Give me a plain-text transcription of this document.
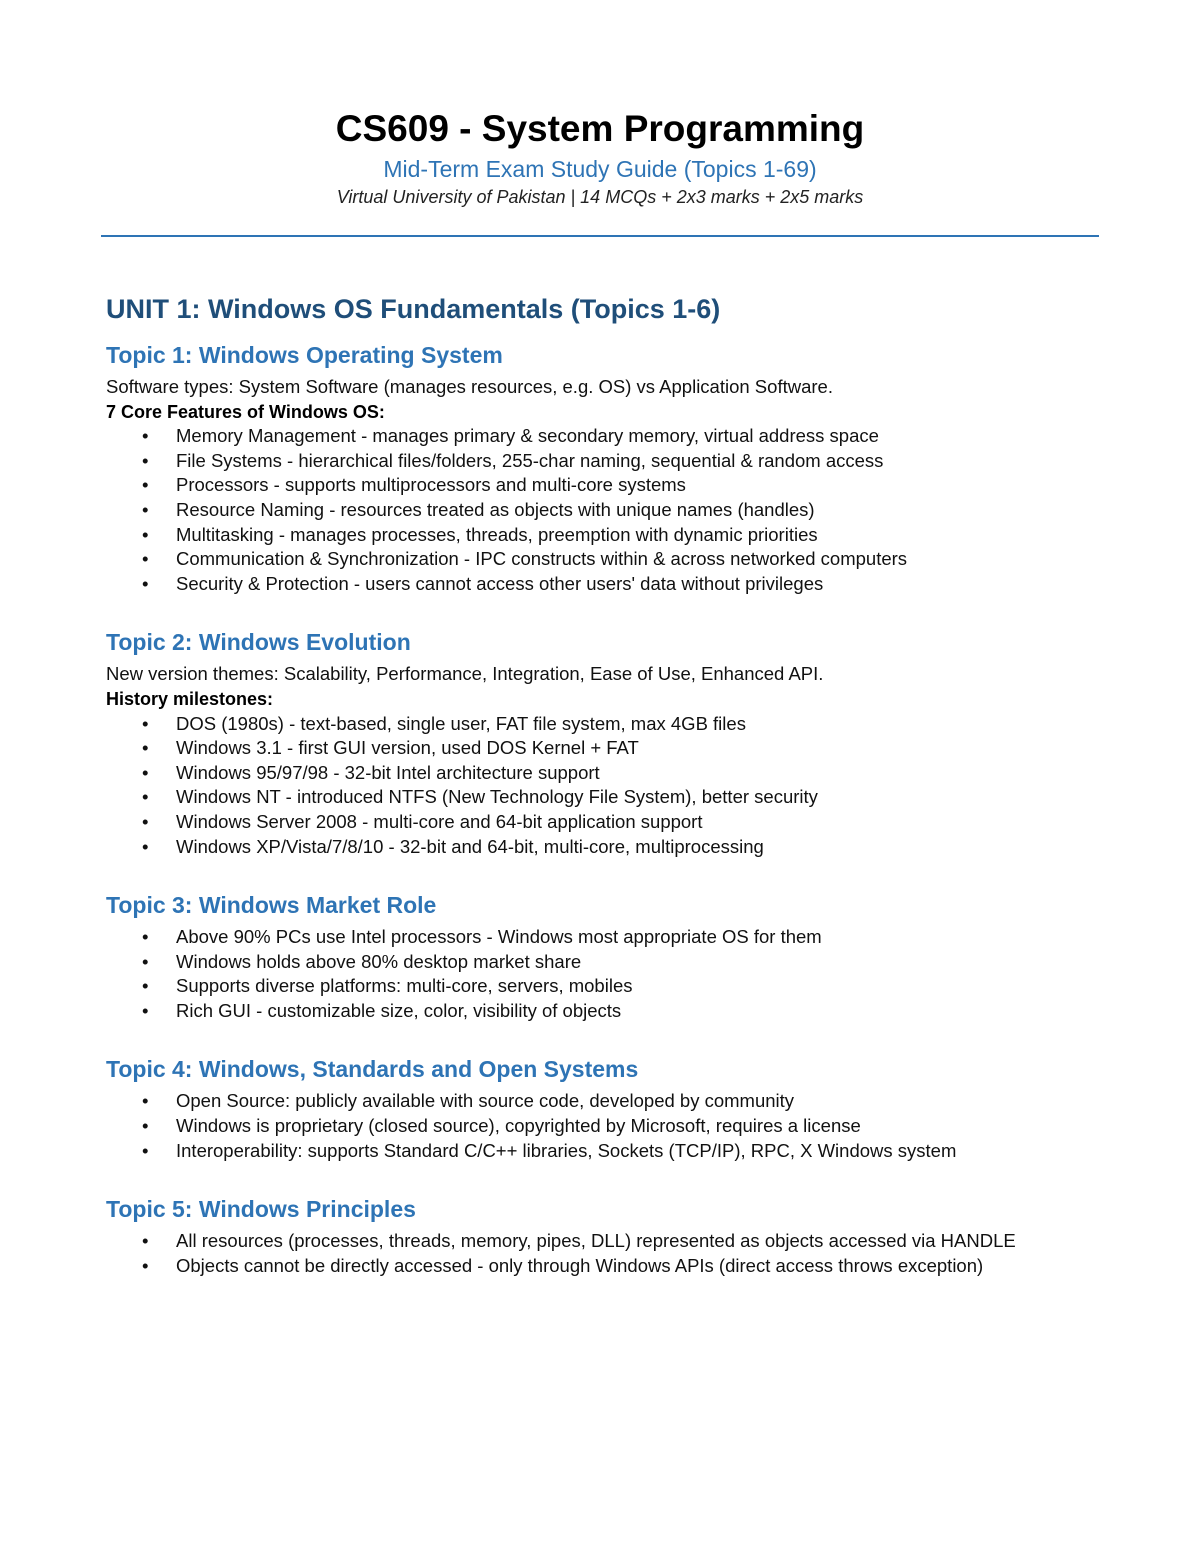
CS609 - System Programming

Mid-Term Exam Study Guide (Topics 1-69)

Virtual University of Pakistan | 14 MCQs + 2x3 marks + 2x5 marks

UNIT 1: Windows OS Fundamentals (Topics 1-6)
Topic 1: Windows Operating System

Software types: System Software (manages resources, e.g. OS) vs Application Software.

7 Core Features of Windows OS:

• Memory Management - manages primary & secondary memory, virtual address space
• File Systems - hierarchical files/folders, 255-char naming, sequential & random access
• Processors - supports multiprocessors and multi-core systems
• Resource Naming - resources treated as objects with unique names (handles)
• Multitasking - manages processes, threads, preemption with dynamic priorities
• Communication & Synchronization - IPC constructs within & across networked computers
• Security & Protection - users cannot access other users' data without privileges
Topic 2: Windows Evolution

New version themes: Scalability, Performance, Integration, Ease of Use, Enhanced API.

History milestones:

• DOS (1980s) - text-based, single user, FAT file system, max 4GB files
• Windows 3.1 - first GUI version, used DOS Kernel + FAT
• Windows 95/97/98 - 32-bit Intel architecture support
• Windows NT - introduced NTFS (New Technology File System), better security
• Windows Server 2008 - multi-core and 64-bit application support
• Windows XP/Vista/7/8/10 - 32-bit and 64-bit, multi-core, multiprocessing
Topic 3: Windows Market Role
• Above 90% PCs use Intel processors - Windows most appropriate OS for them
• Windows holds above 80% desktop market share
• Supports diverse platforms: multi-core, servers, mobiles
• Rich GUI - customizable size, color, visibility of objects
Topic 4: Windows, Standards and Open Systems
• Open Source: publicly available with source code, developed by community
• Windows is proprietary (closed source), copyrighted by Microsoft, requires a license
• Interoperability: supports Standard C/C++ libraries, Sockets (TCP/IP), RPC, X Windows system
Topic 5: Windows Principles
• All resources (processes, threads, memory, pipes, DLL) represented as objects accessed via HANDLE
• Objects cannot be directly accessed - only through Windows APIs (direct access throws exception)
